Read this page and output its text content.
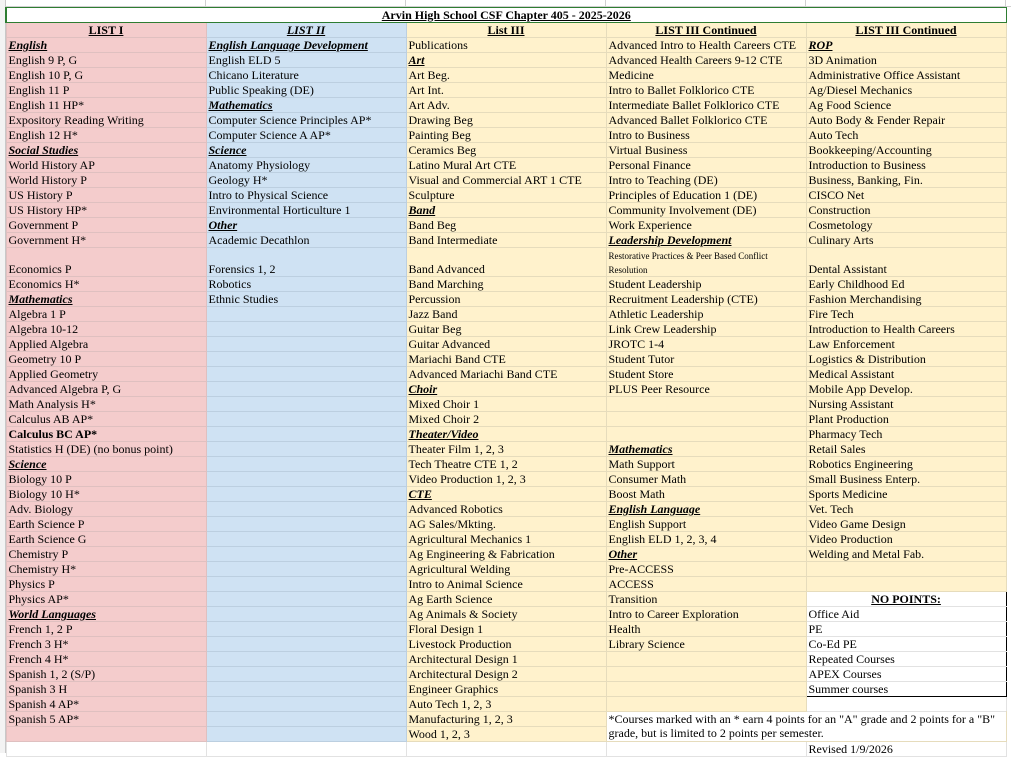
Arvin High School CSF Chapter 405 - 2025-2026					
LIST I	LIST II	List III	LIST III Continued	LIST III Continued	
English	English Language Development	Publications	Advanced Intro to Health Careers CTE	ROP	
English 9 P, G	English ELD 5	Art	Advanced Health Careers 9-12 CTE	3D Animation	
English 10 P, G	Chicano Literature	Art Beg.	Medicine	Administrative Office Assistant	
English 11 P	Public Speaking (DE)	Art Int.	Intro to Ballet Folklorico CTE	Ag/Diesel Mechanics	
English 11 HP*	Mathematics	Art Adv.	Intermediate Ballet Folklorico CTE	Ag Food Science	
Expository Reading Writing	Computer Science Principles AP*	Drawing Beg	Advanced Ballet Folklorico CTE	Auto Body & Fender Repair	
English 12 H*	Computer Science A AP*	Painting Beg	Intro to Business	Auto Tech	
Social Studies	Science	Ceramics Beg	Virtual Business	Bookkeeping/Accounting	
World History AP	Anatomy Physiology	Latino Mural Art CTE	Personal Finance	Introduction to Business	
World History P	Geology H*	Visual and Commercial ART 1 CTE	Intro to Teaching (DE)	Business, Banking, Fin.	
US History P	Intro to Physical Science	Sculpture	Principles of Education 1 (DE)	CISCO Net	
US History HP*	Environmental Horticulture 1	Band	Community Involvement (DE)	Construction	
Government P	Other	Band Beg	Work Experience	Cosmetology	
Government H*	Academic Decathlon	Band Intermediate	Leadership Development	Culinary Arts	
Economics P	Forensics 1, 2	Band Advanced	Restorative Practices & Peer Based Conflict Resolution	Dental Assistant	
Economics H*	Robotics	Band Marching	Student Leadership	Early Childhood Ed	
Mathematics	Ethnic Studies	Percussion	Recruitment Leadership (CTE)	Fashion Merchandising	
Algebra 1 P		Jazz Band	Athletic Leadership	Fire Tech	
Algebra 10-12		Guitar Beg	Link Crew Leadership	Introduction to Health Careers	
Applied Algebra		Guitar Advanced	JROTC 1-4	Law Enforcement	
Geometry 10 P		Mariachi Band CTE	Student Tutor	Logistics & Distribution	
Applied Geometry		Advanced Mariachi Band CTE	Student Store	Medical Assistant	
Advanced Algebra P, G		Choir	PLUS Peer Resource	Mobile App Develop.	
Math Analysis H*		Mixed Choir 1		Nursing Assistant	
Calculus AB AP*		Mixed Choir 2		Plant Production	
Calculus BC AP*		Theater/Video		Pharmacy Tech	
Statistics H (DE) (no bonus point)		Theater Film 1, 2, 3	Mathematics	Retail Sales	
Science		Tech Theatre CTE 1, 2	Math Support	Robotics Engineering	
Biology 10 P		Video Production 1, 2, 3	Consumer Math	Small Business Enterp.	
Biology 10 H*		CTE	Boost Math	Sports Medicine	
Adv. Biology		Advanced Robotics	English Language	Vet. Tech	
Earth Science P		AG Sales/Mkting.	English Support	Video Game Design	
Earth Science G		Agricultural Mechanics 1	English ELD 1, 2, 3, 4	Video Production	
Chemistry P		Ag Engineering & Fabrication	Other	Welding and Metal Fab.	
Chemistry H*		Agricultural Welding	Pre-ACCESS		
Physics P		Intro to Animal Science	ACCESS		
Physics AP*		Ag Earth Science	Transition	NO POINTS:	
World Languages		Ag Animals & Society	Intro to Career Exploration	Office Aid	
French 1, 2 P		Floral Design 1	Health	PE	
French 3 H*		Livestock Production	Library Science	Co-Ed PE	
French 4 H*		Architectural Design 1		Repeated Courses	
Spanish 1, 2 (S/P)		Architectural Design 2		APEX Courses	
Spanish 3 H		Engineer Graphics		Summer courses	
Spanish 4 AP*		Auto Tech 1, 2, 3			
Spanish 5 AP*		Manufacturing 1, 2, 3	*Courses marked with an * earn 4 points for an "A" grade and 2 points for a "B" grade, but is limited to 2 points per semester.		
		Wood 1, 2, 3			
				Revised 1/9/2026	
